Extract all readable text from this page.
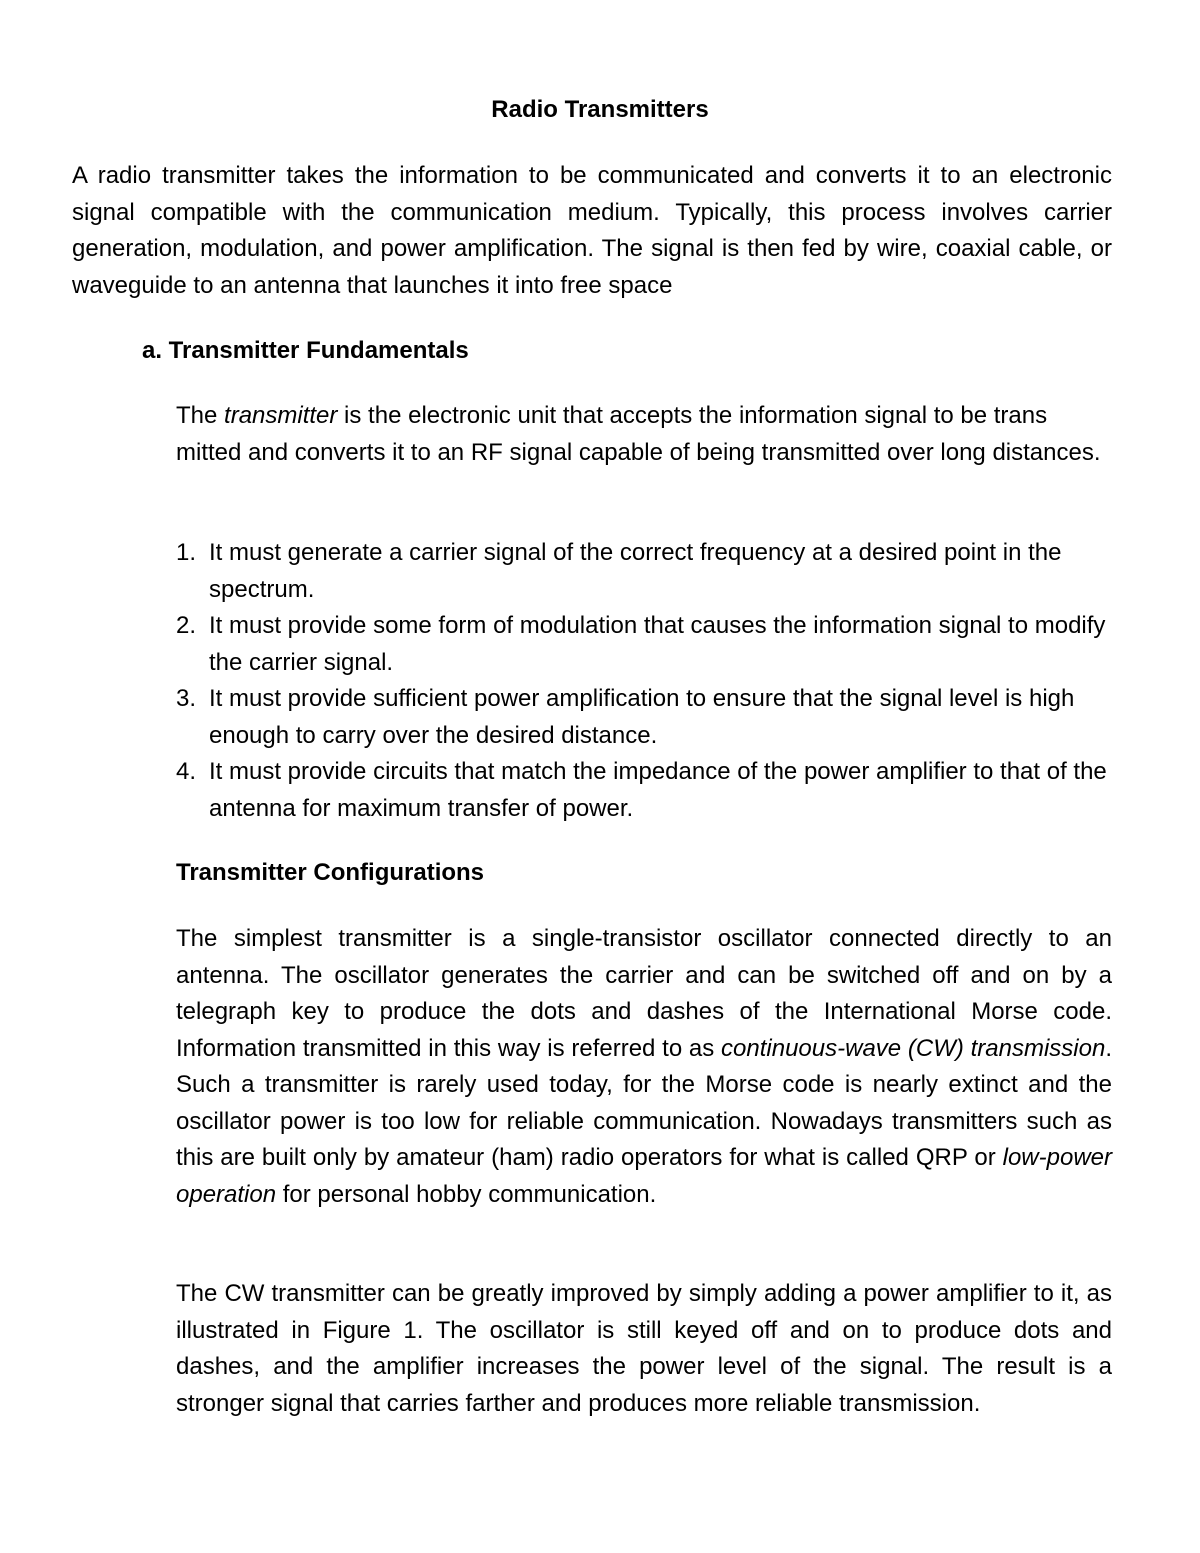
Radio Transmitters

A radio transmitter takes the information to be communicated and converts it to an electronic signal compatible with the communication medium. Typically, this process involves carrier generation, modulation, and power amplification. The signal is then fed by wire, coaxial cable, or waveguide to an antenna that launches it into free space

a. Transmitter Fundamentals

The transmitter is the electronic unit that accepts the information signal to be trans mitted and converts it to an RF signal capable of being transmitted over long distances.

1. It must generate a carrier signal of the correct frequency at a desired point in the spectrum.
2. It must provide some form of modulation that causes the information signal to modify the carrier signal.
3. It must provide sufficient power amplification to ensure that the signal level is high enough to carry over the desired distance.
4. It must provide circuits that match the impedance of the power amplifier to that of the antenna for maximum transfer of power.
Transmitter Configurations

The simplest transmitter is a single-transistor oscillator connected directly to an antenna. The oscillator generates the carrier and can be switched off and on by a telegraph key to produce the dots and dashes of the International Morse code. Information transmitted in this way is referred to as continuous-wave (CW) transmission. Such a transmitter is rarely used today, for the Morse code is nearly extinct and the oscillator power is too low for reliable communication. Nowadays transmitters such as this are built only by amateur (ham) radio operators for what is called QRP or low-power operation for personal hobby communication.

The CW transmitter can be greatly improved by simply adding a power amplifier to it, as illustrated in Figure 1. The oscillator is still keyed off and on to produce dots and dashes, and the amplifier increases the power level of the signal. The result is a stronger signal that carries farther and produces more reliable transmission.
